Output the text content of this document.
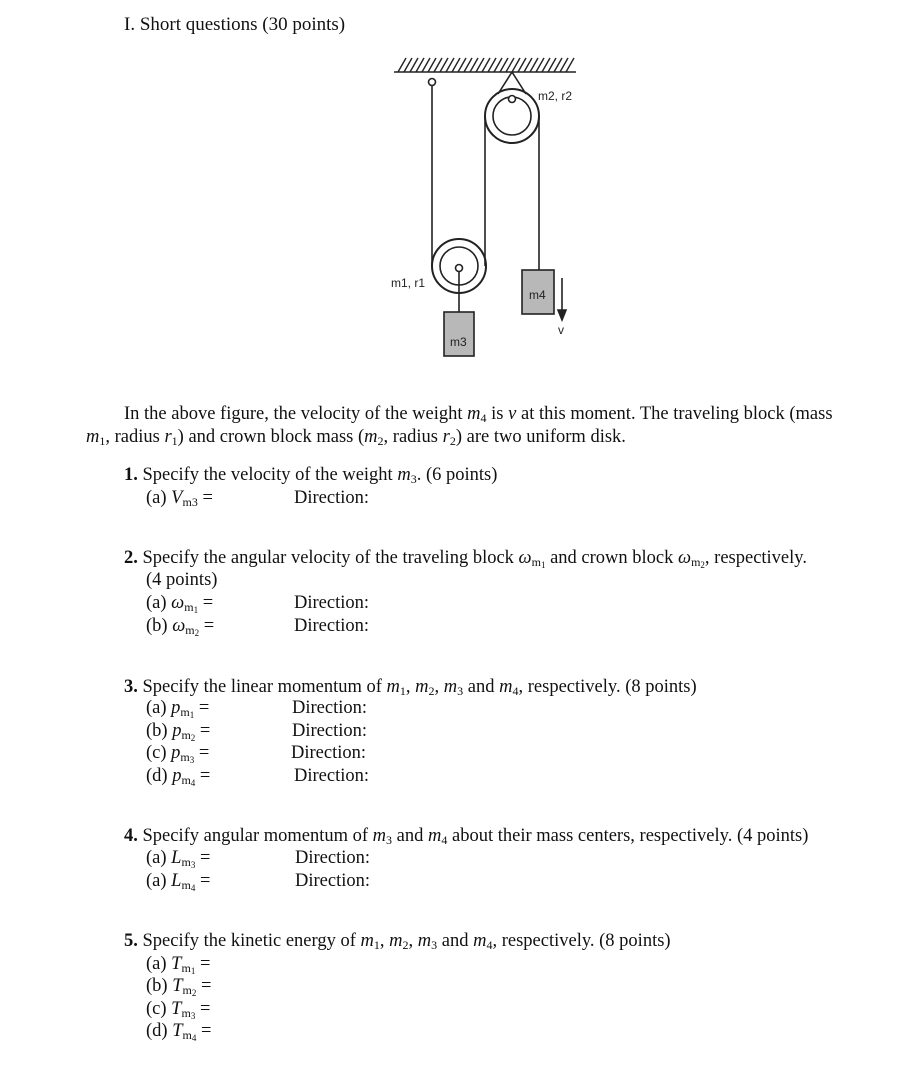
I. Short questions (30 points)
m2, r2
m1, r1
m3
m4
v
In the above figure, the velocity of the weight $m_4$ is v at this moment. The traveling block (mass
$m_1$, radius $r_1$) and crown block mass ($m_2$, radius $r_2$) are two uniform disk.
1. Specify the velocity of the weight $m_3$. (6 points)
(a) $V_{m3}$ =	Direction:
2. Specify the angular velocity of the traveling block $\omega_{m_1}$ and crown block $\omega_{m_2}$, respectively.
(4 points)
(a) $\omega_{m_1}$ =	Direction:
(b) $\omega_{m_2}$ =	Direction:
3. Specify the linear momentum of $m_1$, $m_2$, $m_3$ and $m_4$, respectively. (8 points)
(a) $p_{m_1}$ =	Direction:
(b) $p_{m_2}$ =	Direction:
(c) $p_{m_3}$ =	Direction:
(d) $p_{m_4}$ =	Direction:
4. Specify angular momentum of $m_3$ and $m_4$ about their mass centers, respectively. (4 points)
(a) $L_{m_3}$ =	Direction:
(a) $L_{m_4}$ =	Direction:
5. Specify the kinetic energy of $m_1$, $m_2$, $m_3$ and $m_4$, respectively. (8 points)
(a) $T_{m_1}$ =
(b) $T_{m_2}$ =
(c) $T_{m_3}$ =
(d) $T_{m_4}$ =
